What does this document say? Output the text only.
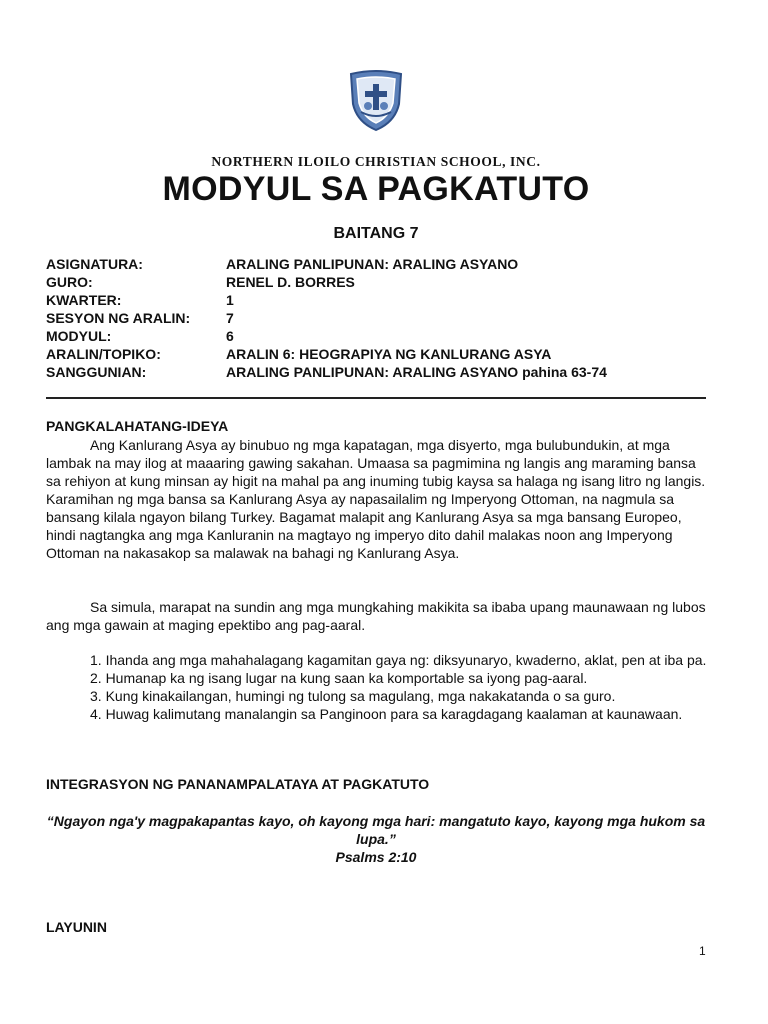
NORTHERN ILOILO CHRISTIAN SCHOOL, INC.
MODYUL SA PAGKATUTO
BAITANG 7
ASIGNATURA:	ARALING PANLIPUNAN: ARALING ASYANO
GURO:	RENEL D. BORRES
KWARTER:	1
SESYON NG ARALIN:	7
MODYUL:	6
ARALIN/TOPIKO:	ARALIN 6: HEOGRAPIYA NG KANLURANG ASYA
SANGGUNIAN:	ARALING PANLIPUNAN: ARALING ASYANO pahina 63-74
PANGKALAHATANG-IDEYA

Ang Kanlurang Asya ay binubuo ng mga kapatagan, mga disyerto, mga bulubundukin, at mga lambak na may ilog at maaaring gawing sakahan. Umaasa sa pagmimina ng langis ang maraming bansa sa rehiyon at kung minsan ay higit na mahal pa ang inuming tubig kaysa sa halaga ng isang litro ng langis. Karamihan ng mga bansa sa Kanlurang Asya ay napasailalim ng Imperyong Ottoman, na nagmula sa bansang kilala ngayon bilang Turkey. Bagamat malapit ang Kanlurang Asya sa mga bansang Europeo, hindi nagtangka ang mga Kanluranin na magtayo ng imperyo dito dahil malakas noon ang Imperyong Ottoman na nakasakop sa malawak na bahagi ng Kanlurang Asya.

Sa simula, marapat na sundin ang mga mungkahing makikita sa ibaba upang maunawaan ng lubos ang mga gawain at maging epektibo ang pag-aaral.

1. Ihanda ang mga mahahalagang kagamitan gaya ng: diksyunaryo, kwaderno, aklat, pen at iba pa.
2. Humanap ka ng isang lugar na kung saan ka komportable sa iyong pag-aaral.
3. Kung kinakailangan, humingi ng tulong sa magulang, mga nakakatanda o sa guro.
4. Huwag kalimutang manalangin sa Panginoon para sa karagdagang kaalaman at kaunawaan.
INTEGRASYON NG PANANAMPALATAYA AT PAGKATUTO
“Ngayon nga'y magpakapantas kayo, oh kayong mga hari: mangatuto kayo, kayong mga hukom sa lupa.”
Psalms 2:10
LAYUNIN
1
